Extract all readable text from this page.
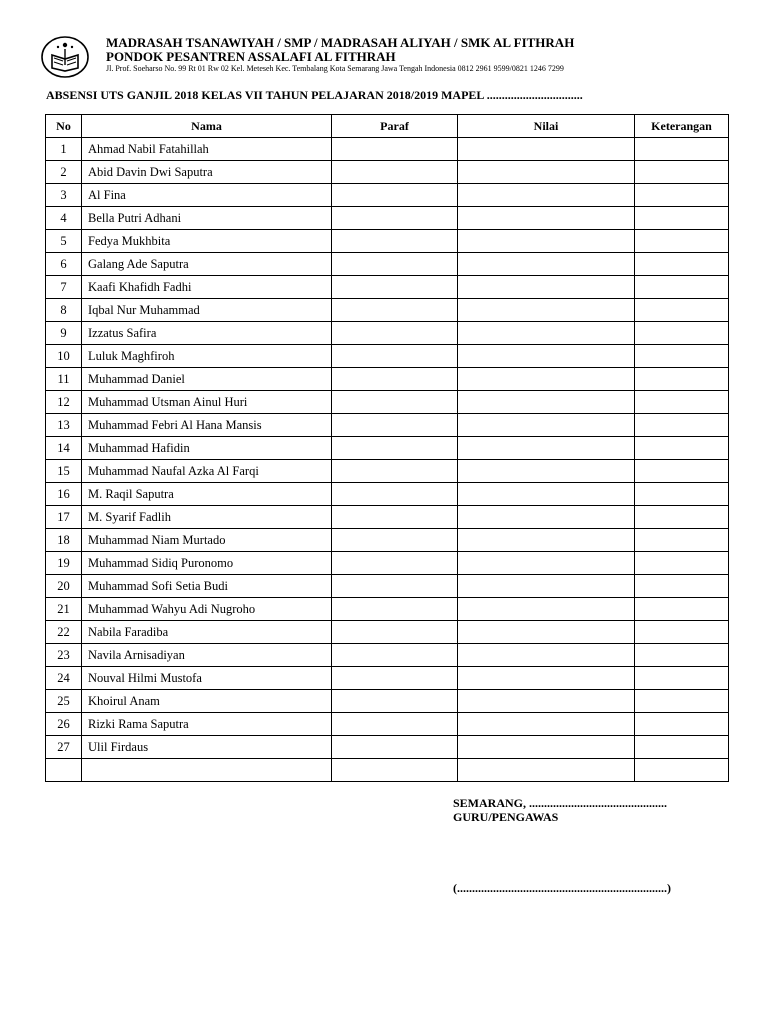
MADRASAH TSANAWIYAH / SMP / MADRASAH ALIYAH / SMK AL FITHRAH
PONDOK PESANTREN ASSALAFI AL FITHRAH
Jl. Prof. Soeharso No. 99 Rt 01 Rw 02 Kel. Meteseh Kec. Tembalang Kota Semarang Jawa Tengah Indonesia 0812 2961 9599/0821 1246 7299
ABSENSI UTS GANJIL 2018 KELAS VII TAHUN PELAJARAN 2018/2019 MAPEL ................................
No	Nama	Paraf	Nilai	Keterangan
1	Ahmad Nabil Fatahillah			
2	Abid Davin Dwi Saputra			
3	Al Fina			
4	Bella Putri Adhani			
5	Fedya Mukhbita			
6	Galang Ade Saputra			
7	Kaafi Khafidh Fadhi			
8	Iqbal Nur Muhammad			
9	Izzatus Safira			
10	Luluk Maghfiroh			
11	Muhammad Daniel			
12	Muhammad Utsman Ainul Huri			
13	Muhammad Febri Al Hana Mansis			
14	Muhammad Hafidin			
15	Muhammad Naufal Azka Al Farqi			
16	M. Raqil Saputra			
17	M. Syarif Fadlih			
18	Muhammad Niam Murtado			
19	Muhammad Sidiq Puronomo			
20	Muhammad Sofi Setia Budi			
21	Muhammad Wahyu Adi Nugroho			
22	Nabila Faradiba			
23	Navila Arnisadiyan			
24	Nouval Hilmi Mustofa			
25	Khoirul Anam			
26	Rizki Rama Saputra			
27	Ulil Firdaus			

SEMARANG, ..............................................
GURU/PENGAWAS
(......................................................................)
